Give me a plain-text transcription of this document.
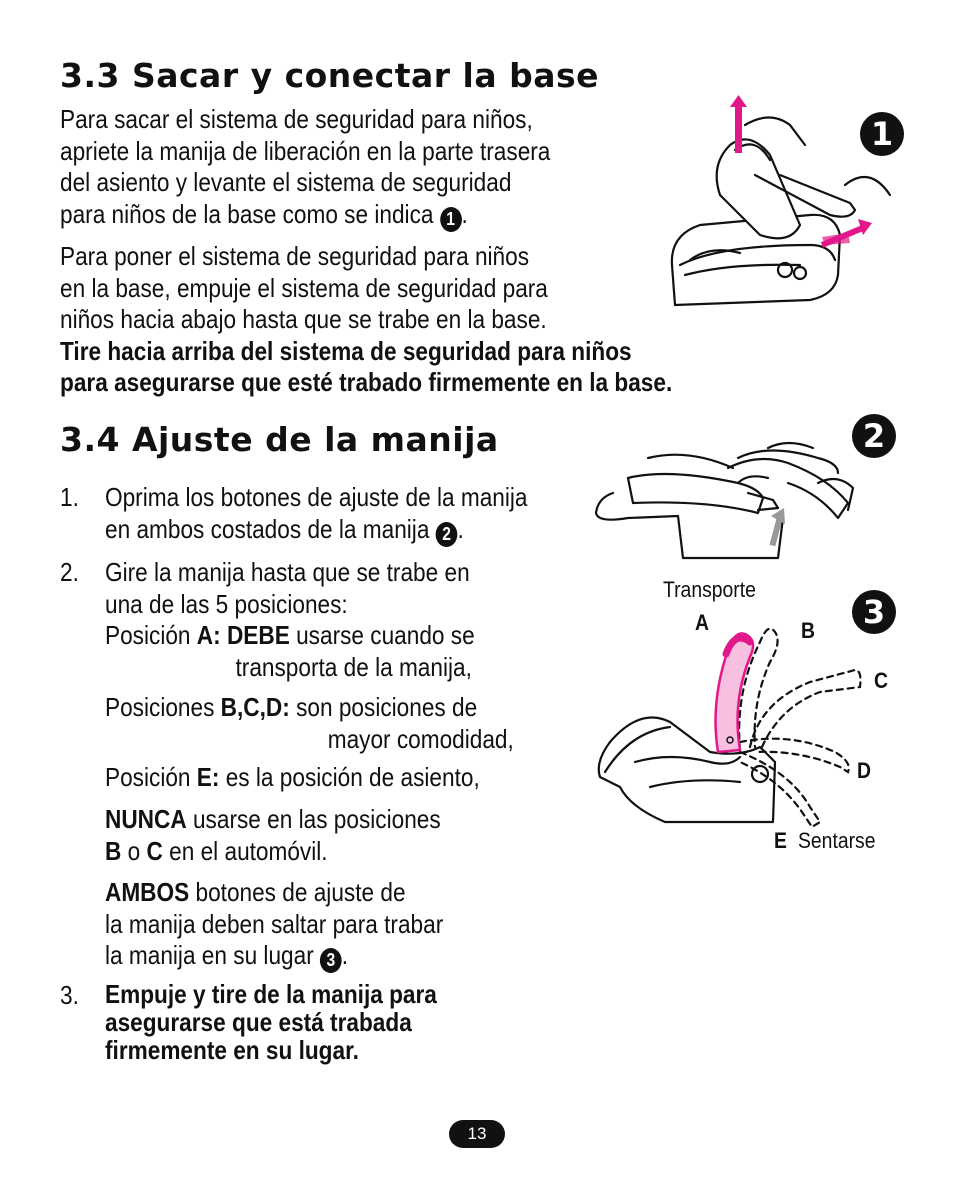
3.3 Sacar y conectar la base
Para sacar el sistema de seguridad para niños,
apriete la manija de liberación en la parte trasera
del asiento y levante el sistema de seguridad
para niños de la base como se indica 1 .
Para poner el sistema de seguridad para niños
en la base, empuje el sistema de seguridad para
niños hacia abajo hasta que se trabe en la base.
Tire hacia arriba del sistema de seguridad para niños
para asegurarse que esté trabado firmemente en la base.
1
3.4 Ajuste de la manija
1. Oprima los botones de ajuste de la manija
en ambos costados de la manija 2 .
2. Gire la manija hasta que se trabe en
una de las 5 posiciones:
Posición A: DEBE usarse cuando se
transporta de la manija,
Posiciones B,C,D: son posiciones de
mayor comodidad,
Posición E: es la posición de asiento,
NUNCA usarse en las posiciones
B o C en el automóvil.
AMBOS botones de ajuste de
la manija deben saltar para trabar
la manija en su lugar 3 .
3. Empuje y tire de la manija para
asegurarse que está trabada
firmemente en su lugar.
2
3
Transporte
A	B
C
D
E Sentarse
13
